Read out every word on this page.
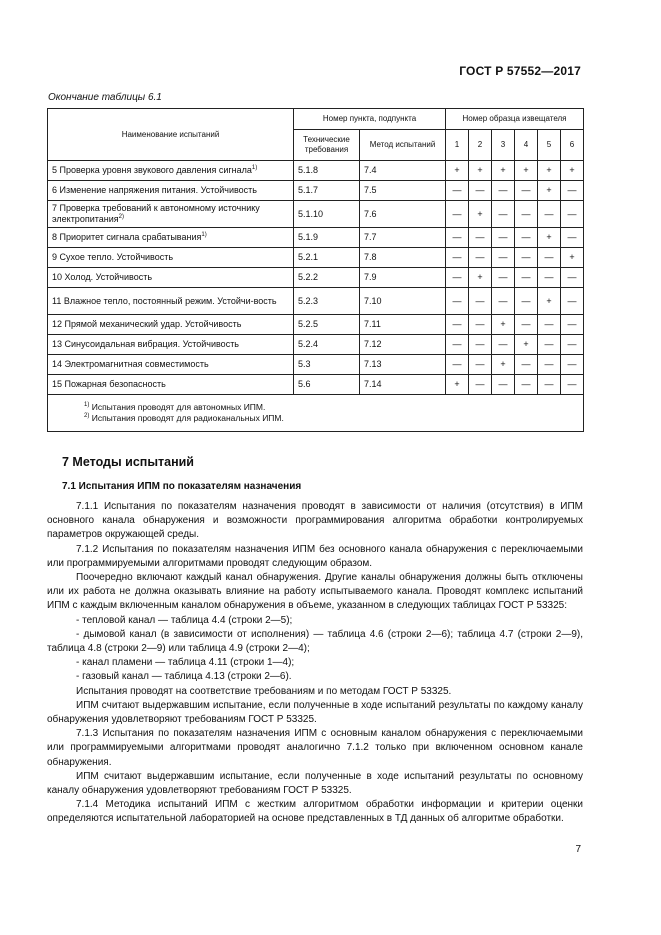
ГОСТ Р 57552—2017
Окончание таблицы 6.1
Наименование испытаний	Номер пункта, подпункта		Номер образца извещателя					
	Технические требования	Метод испытаний	1	2	3	4	5	6
5 Проверка уровня звукового давления сигнала$^{1)}$	5.1.8	7.4	+	+	+	+	+	+
6 Изменение напряжения питания. Устойчивость	5.1.7	7.5	—	—	—	—	+	—
7 Проверка требований к автономному источнику электропитания$^{2)}$	5.1.10	7.6	—	+	—	—	—	—
8 Приоритет сигнала срабатывания$^{1)}$	5.1.9	7.7	—	—	—	—	+	—
9 Сухое тепло. Устойчивость	5.2.1	7.8	—	—	—	—	—	+
10 Холод. Устойчивость	5.2.2	7.9	—	+	—	—	—	—
11 Влажное тепло, постоянный режим. Устойчи-вость	5.2.3	7.10	—	—	—	—	+	—
12 Прямой механический удар. Устойчивость	5.2.5	7.11	—	—	+	—	—	—
13 Синусоидальная вибрация. Устойчивость	5.2.4	7.12	—	—	—	+	—	—
14 Электромагнитная совместимость	5.3	7.13	—	—	+	—	—	—
15 Пожарная безопасность	5.6	7.14	+	—	—	—	—	—

$^{1)}$ Испытания проводят для автономных ИПМ.
$^{2)}$ Испытания проводят для радиоканальных ИПМ.								
7 Методы испытаний
7.1 Испытания ИПМ по показателям назначения

7.1.1 Испытания по показателям назначения проводят в зависимости от наличия (отсутствия) в ИПМ основного канала обнаружения и возможности программирования алгоритма обработки контролируемых параметров окружающей среды.

7.1.2 Испытания по показателям назначения ИПМ без основного канала обнаружения с переключаемыми или программируемыми алгоритмами проводят следующим образом.

Поочередно включают каждый канал обнаружения. Другие каналы обнаружения должны быть отключены или их работа не должна оказывать влияние на работу испытываемого канала. Проводят комплекс испытаний ИПМ с каждым включенным каналом обнаружения в объеме, указанном в следующих таблицах ГОСТ Р 53325:

- тепловой канал — таблица 4.4 (строки 2—5);

- дымовой канал (в зависимости от исполнения) — таблица 4.6 (строки 2—6); таблица 4.7 (строки 2—9), таблица 4.8 (строки 2—9) или таблица 4.9 (строки 2—4);

- канал пламени — таблица 4.11 (строки 1—4);

- газовый канал — таблица 4.13 (строки 2—6).

Испытания проводят на соответствие требованиям и по методам ГОСТ Р 53325.

ИПМ считают выдержавшим испытание, если полученные в ходе испытаний результаты по каждому каналу обнаружения удовлетворяют требованиям ГОСТ Р 53325.

7.1.3 Испытания по показателям назначения ИПМ с основным каналом обнаружения с переключаемыми или программируемыми алгоритмами проводят аналогично 7.1.2 только при включенном основном канале обнаружения.

ИПМ считают выдержавшим испытание, если полученные в ходе испытаний результаты по основному каналу обнаружения удовлетворяют требованиям ГОСТ Р 53325.

7.1.4 Методика испытаний ИПМ с жестким алгоритмом обработки информации и критерии оценки определяются испытательной лабораторией на основе представленных в ТД данных об алгоритме обработки.

7
